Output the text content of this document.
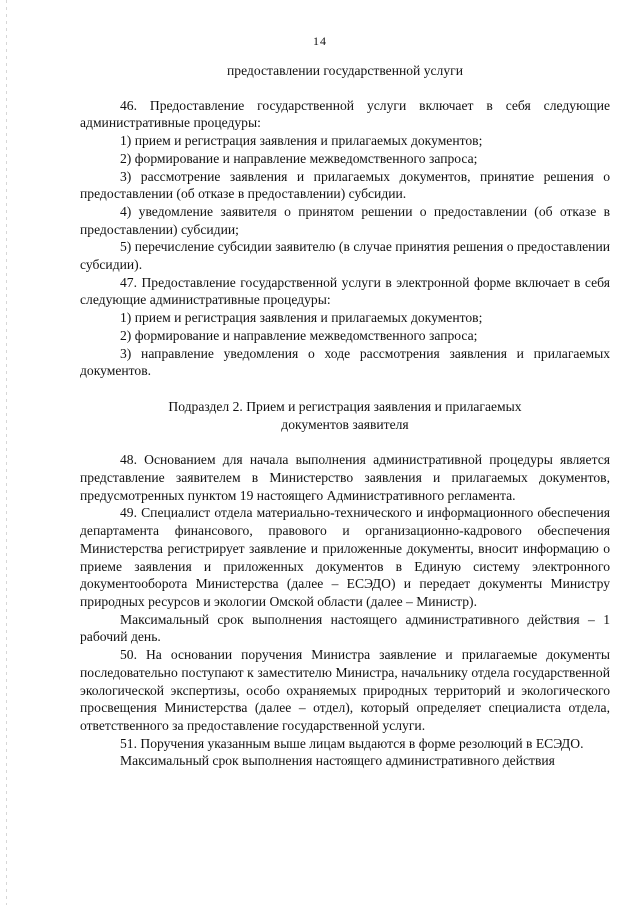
14
предоставлении государственной услуги

46. Предоставление государственной услуги включает в себя следующие административные процедуры:

1) прием и регистрация заявления и прилагаемых документов;

2) формирование и направление межведомственного запроса;

3) рассмотрение заявления и прилагаемых документов, принятие решения о предоставлении (об отказе в предоставлении) субсидии.

4) уведомление заявителя о принятом решении о предоставлении (об отказе в предоставлении) субсидии;

5) перечисление субсидии заявителю (в случае принятия решения о предоставлении субсидии).

47. Предоставление государственной услуги в электронной форме включает в себя следующие административные процедуры:

1) прием и регистрация заявления и прилагаемых документов;

2) формирование и направление межведомственного запроса;

3) направление уведомления о ходе рассмотрения заявления и прилагаемых документов.

Подраздел 2. Прием и регистрация заявления и прилагаемых
документов заявителя

48. Основанием для начала выполнения административной процедуры является представление заявителем в Министерство заявления и прилагаемых документов, предусмотренных пунктом 19 настоящего Административного регламента.

49. Специалист отдела материально-технического и информационного обеспечения департамента финансового, правового и организационно-кадрового обеспечения Министерства регистрирует заявление и приложенные документы, вносит информацию о приеме заявления и приложенных документов в Единую систему электронного документооборота Министерства (далее – ЕСЭДО) и передает документы Министру природных ресурсов и экологии Омской области (далее – Министр).

Максимальный срок выполнения настоящего административного действия – 1 рабочий день.

50. На основании поручения Министра заявление и прилагаемые документы последовательно поступают к заместителю Министра, начальнику отдела государственной экологической экспертизы, особо охраняемых природных территорий и экологического просвещения Министерства (далее – отдел), который определяет специалиста отдела, ответственного за предоставление государственной услуги.

51. Поручения указанным выше лицам выдаются в форме резолюций в ЕСЭДО.

Максимальный срок выполнения настоящего административного действия
